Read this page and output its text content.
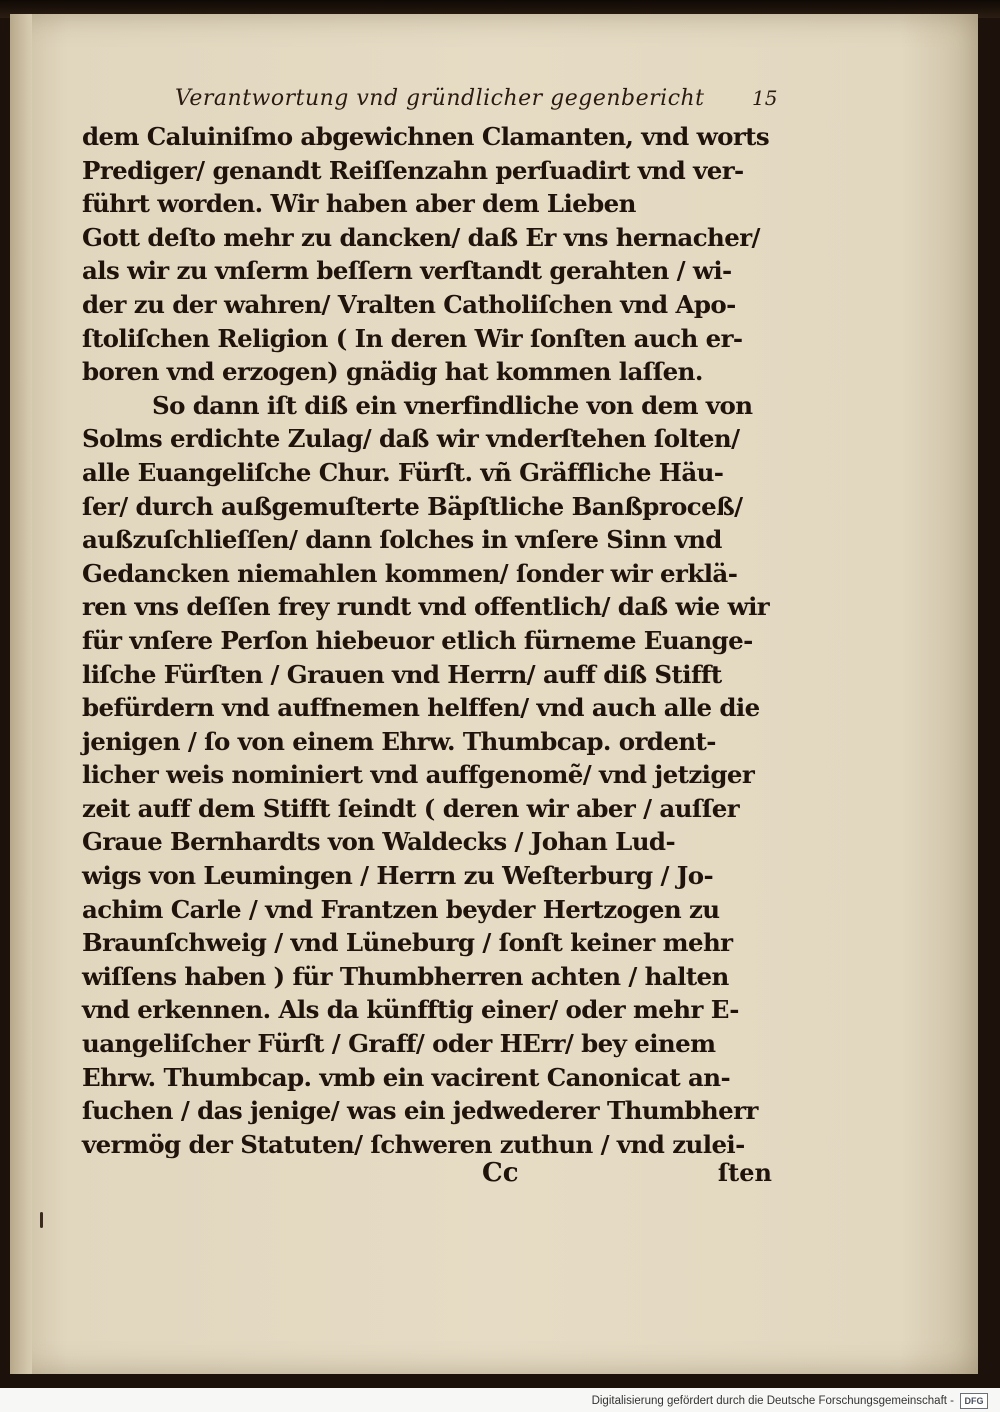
Verantwortung vnd gründlicher gegenbericht 15
dem Caluiniſmo abgewichnen Clamanten, vnd worts
Prediger/ genandt Reiſſenzahn perſuadirt vnd ver-
führt worden. Wir haben aber dem Lieben
Gott deſto mehr zu dancken/ daß Er vns hernacher/
als wir zu vnſerm beſſern verſtandt gerahten / wi-
der zu der wahren/ Vralten Catholiſchen vnd Apo-
ſtoliſchen Religion ( In deren Wir ſonſten auch er-
boren vnd erzogen) gnädig hat kommen laſſen.
So dann iſt diß ein vnerfindliche von dem von
Solms erdichte Zulag/ daß wir vnderſtehen ſolten/
alle Euangeliſche Chur. Fürſt. vñ Gräffliche Häu-
ſer/ durch außgemuſterte Bäpſtliche Banßproceß/
außzuſchlieſſen/ dann ſolches in vnſere Sinn vnd
Gedancken niemahlen kommen/ ſonder wir erklä-
ren vns deſſen frey rundt vnd offentlich/ daß wie wir
für vnſere Perſon hiebeuor etlich fürneme Euange-
liſche Fürſten / Grauen vnd Herrn/ auff diß Stifft
befürdern vnd auffnemen helffen/ vnd auch alle die
jenigen / ſo von einem Ehrw. Thumbcap. ordent-
licher weis nominiert vnd auffgenomẽ/ vnd jetziger
zeit auff dem Stifft ſeindt ( deren wir aber / auſſer
Graue Bernhardts von Waldecks / Johan Lud-
wigs von Leumingen / Herrn zu Weſterburg / Jo-
achim Carle / vnd Frantzen beyder Hertzogen zu
Braunſchweig / vnd Lüneburg / ſonſt keiner mehr
wiſſens haben ) für Thumbherren achten / halten
vnd erkennen. Als da künfftig einer/ oder mehr E-
uangeliſcher Fürſt / Graff/ oder HErr/ bey einem
Ehrw. Thumbcap. vmb ein vacirent Canonicat an-
ſuchen / das jenige/ was ein jedwederer Thumbherr
vermög der Statuten/ ſchweren zuthun / vnd zulei-
Cc	ſten
Digitalisierung gefördert durch die Deutsche Forschungsgemeinschaft -	DFG
